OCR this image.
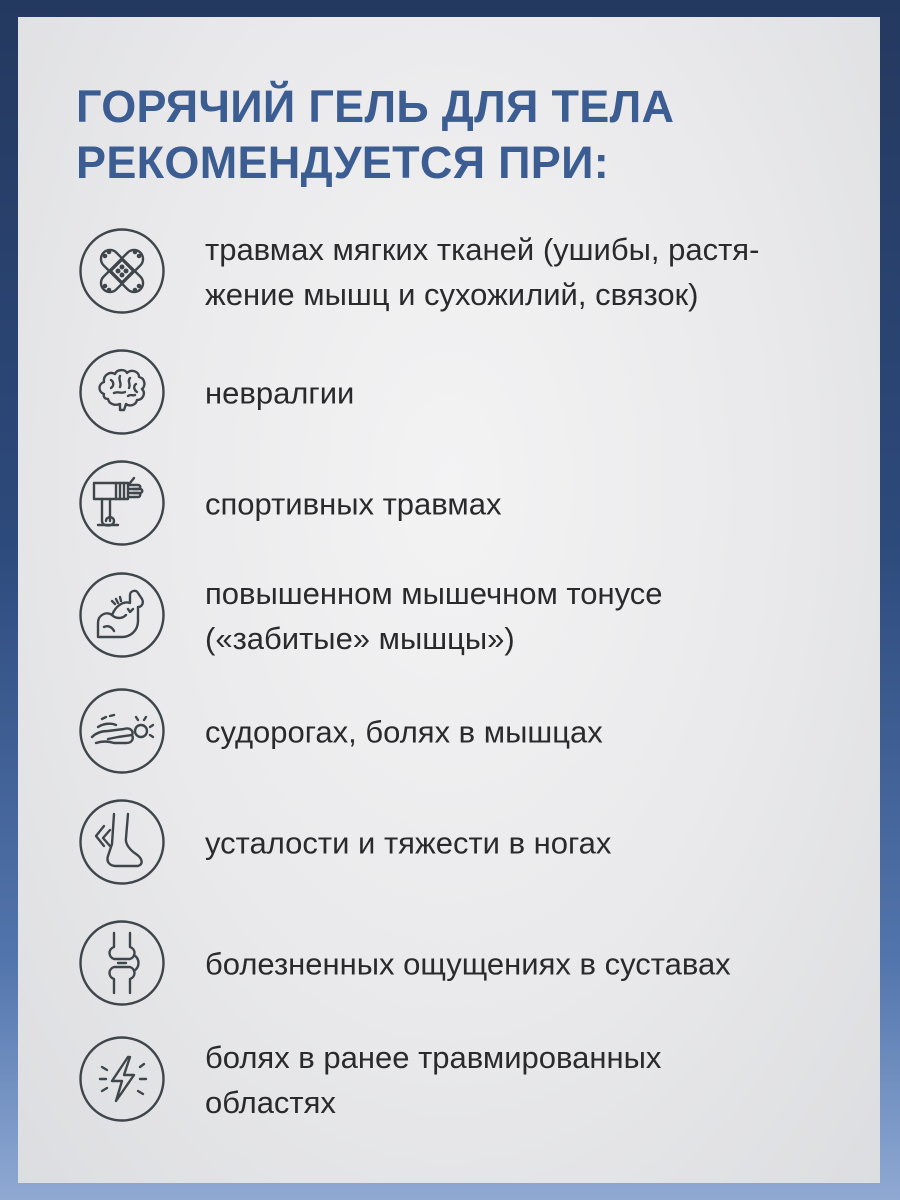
ГОРЯЧИЙ ГЕЛЬ ДЛЯ ТЕЛА
РЕКОМЕНДУЕТСЯ ПРИ:
травмах мягких тканей (ушибы, растя-
жение мышц и сухожилий, связок)
невралгии
спортивных травмах
повышенном мышечном тонусе
(«забитые» мышцы»)
судорогах, болях в мышцах
усталости и тяжести в ногах
болезненных ощущениях в суставах
болях в ранее травмированных
областях
